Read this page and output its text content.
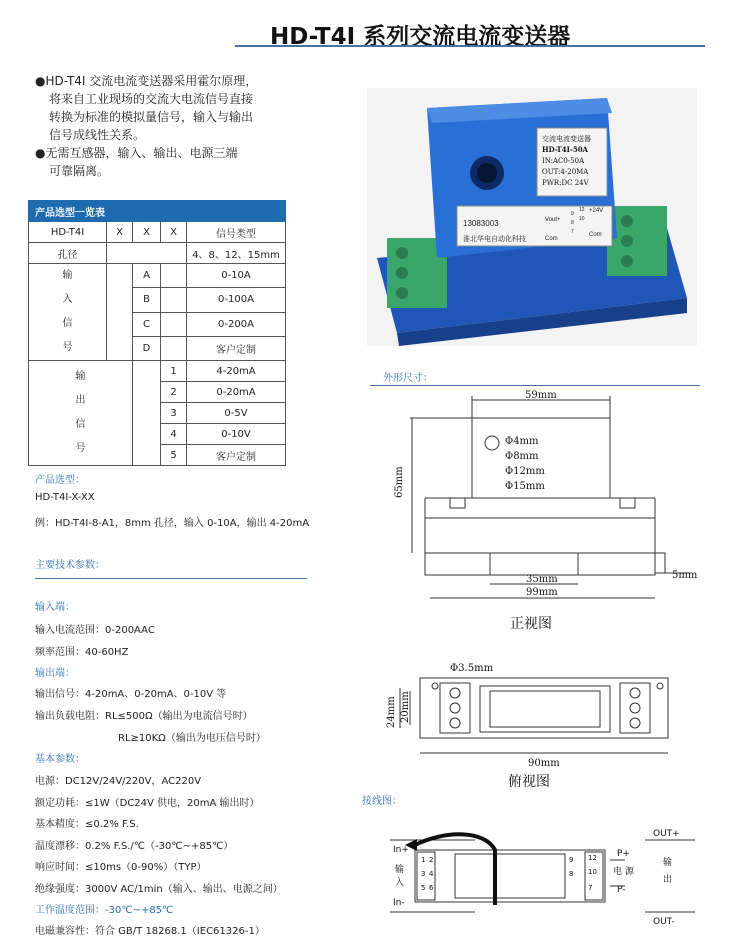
HD-T4I 系列交流电流变送器

●HD-T4I 交流电流变送器采用霍尔原理，

将来自工业现场的交流大电流信号直接

转换为标准的模拟量信号，输入与输出

信号成线性关系。

●无需互感器，输入、输出、电源三端

可靠隔离。

产品选型一览表				
HD-T4I	X	X	X	信号类型
孔径				4、8、12、15mm

输
入
信
号		A		0-10A
		B		0-100A
		C		0-200A
		D		客户定制

输
出
信
号			1	4-20mA
			2	0-20mA
			3	0-5V
			4	0-10V
			5	客户定制
产品选型：
HD-T4I-X-XX
例：HD-T4I-8-A1，8mm 孔径，输入 0-10A，输出 4-20mA
主要技术参数：
输入端：
输入电流范围：0-200AAC
频率范围：40-60HZ
输出端：
输出信号：4-20mA、0-20mA、0-10V 等
输出负载电阻：RL≤500Ω（输出为电流信号时）
RL≥10KΩ（输出为电压信号时）
基本参数：
电源：DC12V/24V/220V，AC220V
额定功耗：≤1W（DC24V 供电，20mA 输出时）
基本精度：≤0.2% F.S.
温度漂移：0.2% F.S./℃（-30℃~+85℃）
响应时间：≤10ms（0-90%）（TYP）
绝缘强度：3000V AC/1min（输入、输出、电源之间）
工作温度范围：-30℃~+85℃
电磁兼容性：符合 GB/T 18268.1（IEC61326-1）
交流电流变送器
HD-T4I-50A
IN:AC0-50A
OUT:4-20MA
PWR:DC 24V
13083003
淮北华电自动化科技
Vout+
Com
9
8
7
12
10
+24V
Com
外形尺寸：
59mm
65mm
Φ4mm
Φ8mm
Φ12mm
Φ15mm
35mm
99mm
5mm
正视图
Φ3.5mm
24mm 20mm
90mm
俯视图
接线图：
In+
In-
输
入
1 2
3 4
5 6
9 12
8 10
7
P+
P-
电 源
OUT+
OUT-
输
出
